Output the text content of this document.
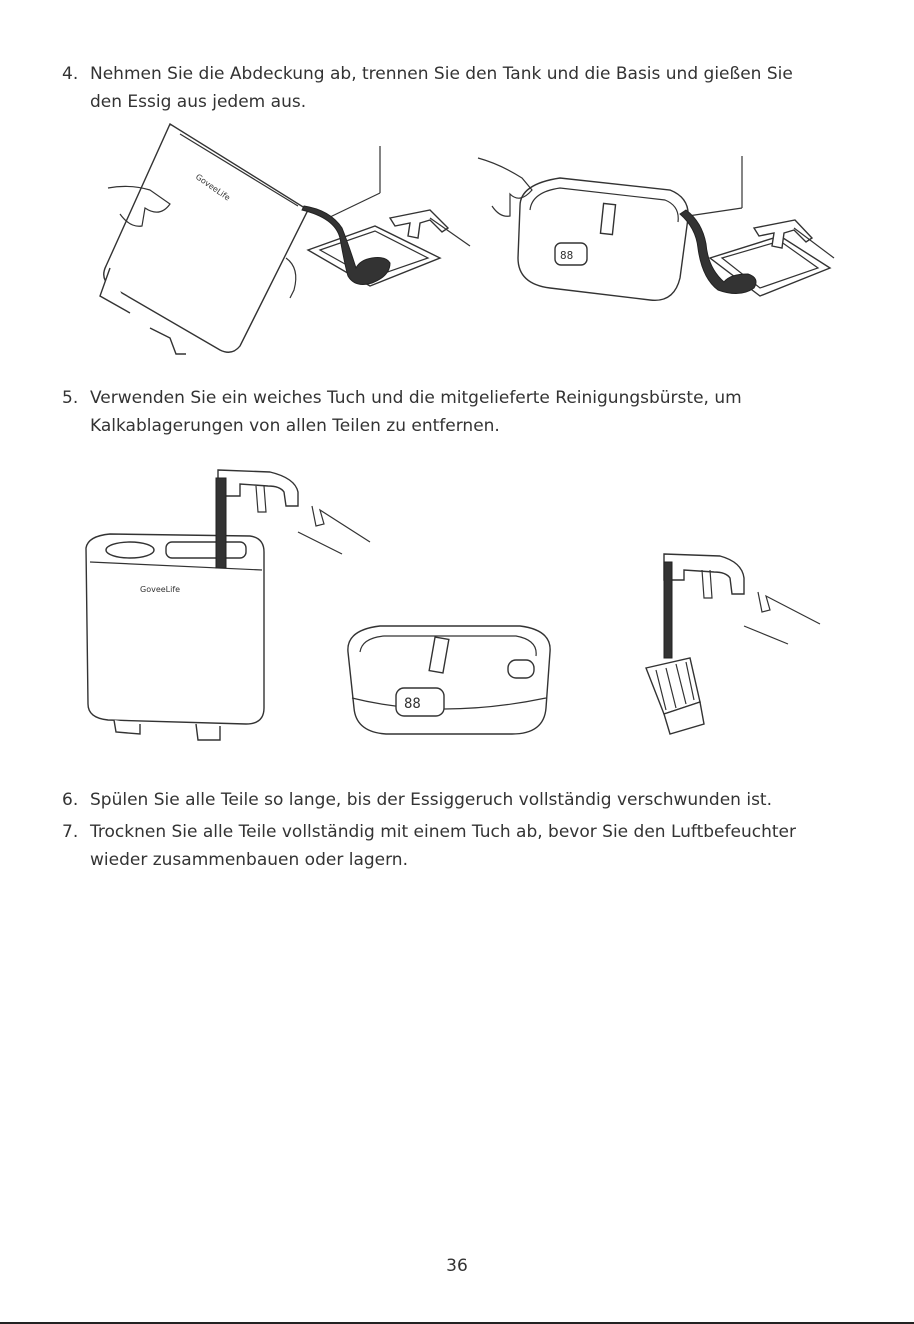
4. Nehmen Sie die Abdeckung ab, trennen Sie den Tank und die Basis und gießen Sie
den Essig aus jedem aus.
GoveeLife
88
5. Verwenden Sie ein weiches Tuch und die mitgelieferte Reinigungsbürste, um
Kalkablagerungen von allen Teilen zu entfernen.
GoveeLife
88
6. Spülen Sie alle Teile so lange, bis der Essiggeruch vollständig verschwunden ist.
7. Trocknen Sie alle Teile vollständig mit einem Tuch ab, bevor Sie den Luftbefeuchter
wieder zusammenbauen oder lagern.
36
